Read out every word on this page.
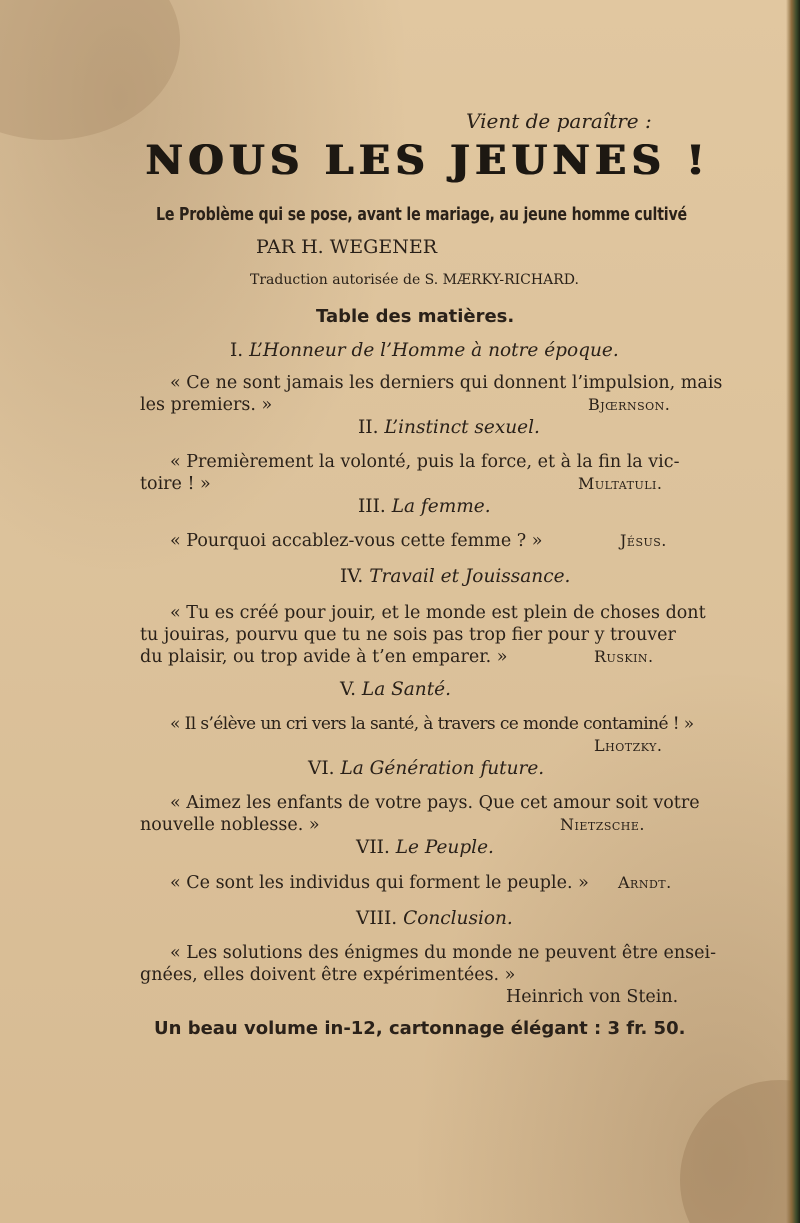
Vient de paraître :
NOUS LES JEUNES !
Le Problème qui se pose, avant le mariage, au jeune homme cultivé
PAR H. WEGENER
Traduction autorisée de S. MÆRKY-RICHARD.
Table des matières.
I. L’Honneur de l’Homme à notre époque.
« Ce ne sont jamais les derniers qui donnent l’impulsion, mais
les premiers. »	Bjœrnson.
II. L’instinct sexuel.
« Premièrement la volonté, puis la force, et à la fin la vic-
toire ! »	Multatuli.
III. La femme.
« Pourquoi accablez-vous cette femme ? »	Jésus.
IV. Travail et Jouissance.
« Tu es créé pour jouir, et le monde est plein de choses dont
tu jouiras, pourvu que tu ne sois pas trop fier pour y trouver
du plaisir, ou trop avide à t’en emparer. »	Ruskin.
V. La Santé.
« Il s’élève un cri vers la santé, à travers ce monde contaminé ! »
Lhotzky.
VI. La Génération future.
« Aimez les enfants de votre pays. Que cet amour soit votre
nouvelle noblesse. »	Nietzsche.
VII. Le Peuple.
« Ce sont les individus qui forment le peuple. » Arndt.
VIII. Conclusion.
« Les solutions des énigmes du monde ne peuvent être ensei-
gnées, elles doivent être expérimentées. »
Heinrich von Stein.
Un beau volume in-12, cartonnage élégant : 3 fr. 50.
